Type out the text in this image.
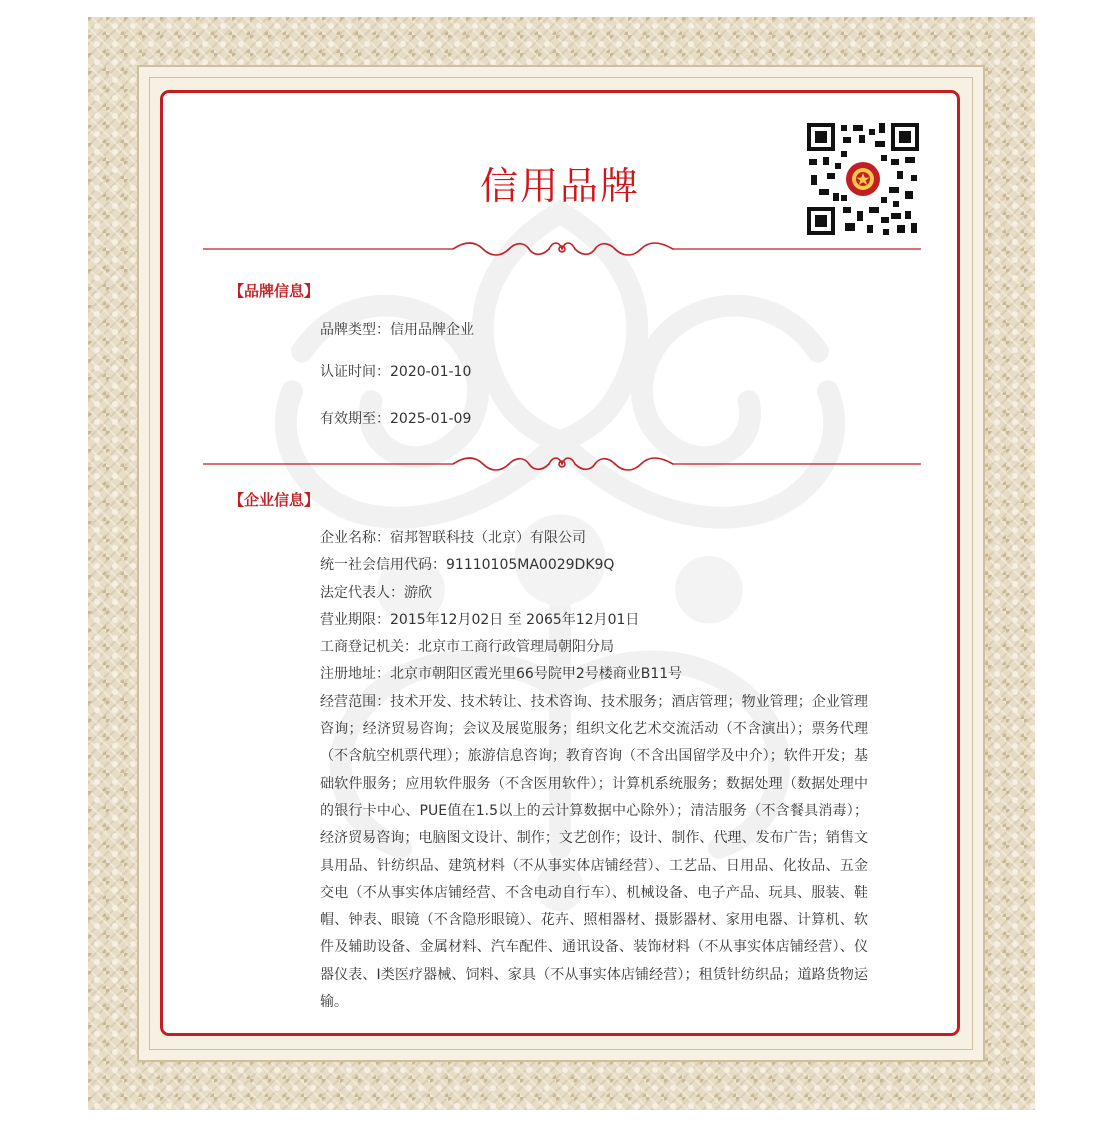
信用品牌
【品牌信息】
品牌类型：信用品牌企业
认证时间：2020-01-10
有效期至：2025-01-09
【企业信息】
企业名称：宿邦智联科技（北京）有限公司
统一社会信用代码：91110105MA0029DK9Q
法定代表人：游欣
营业期限：2015年12月02日 至 2065年12月01日
工商登记机关：北京市工商行政管理局朝阳分局
注册地址：北京市朝阳区霞光里66号院甲2号楼商业B11号
经营范围：技术开发、技术转让、技术咨询、技术服务；酒店管理；物业管理；企业管理咨询；经济贸易咨询；会议及展览服务；组织文化艺术交流活动（不含演出）；票务代理（不含航空机票代理）；旅游信息咨询；教育咨询（不含出国留学及中介）；软件开发；基础软件服务；应用软件服务（不含医用软件）；计算机系统服务；数据处理（数据处理中的银行卡中心、PUE值在1.5以上的云计算数据中心除外）；清洁服务（不含餐具消毒）；经济贸易咨询；电脑图文设计、制作；文艺创作；设计、制作、代理、发布广告；销售文具用品、针纺织品、建筑材料（不从事实体店铺经营）、工艺品、日用品、化妆品、五金交电（不从事实体店铺经营、不含电动自行车）、机械设备、电子产品、玩具、服装、鞋帽、钟表、眼镜（不含隐形眼镜）、花卉、照相器材、摄影器材、家用电器、计算机、软件及辅助设备、金属材料、汽车配件、通讯设备、装饰材料（不从事实体店铺经营）、仪器仪表、I类医疗器械、饲料、家具（不从事实体店铺经营）；租赁针纺织品；道路货物运输。
